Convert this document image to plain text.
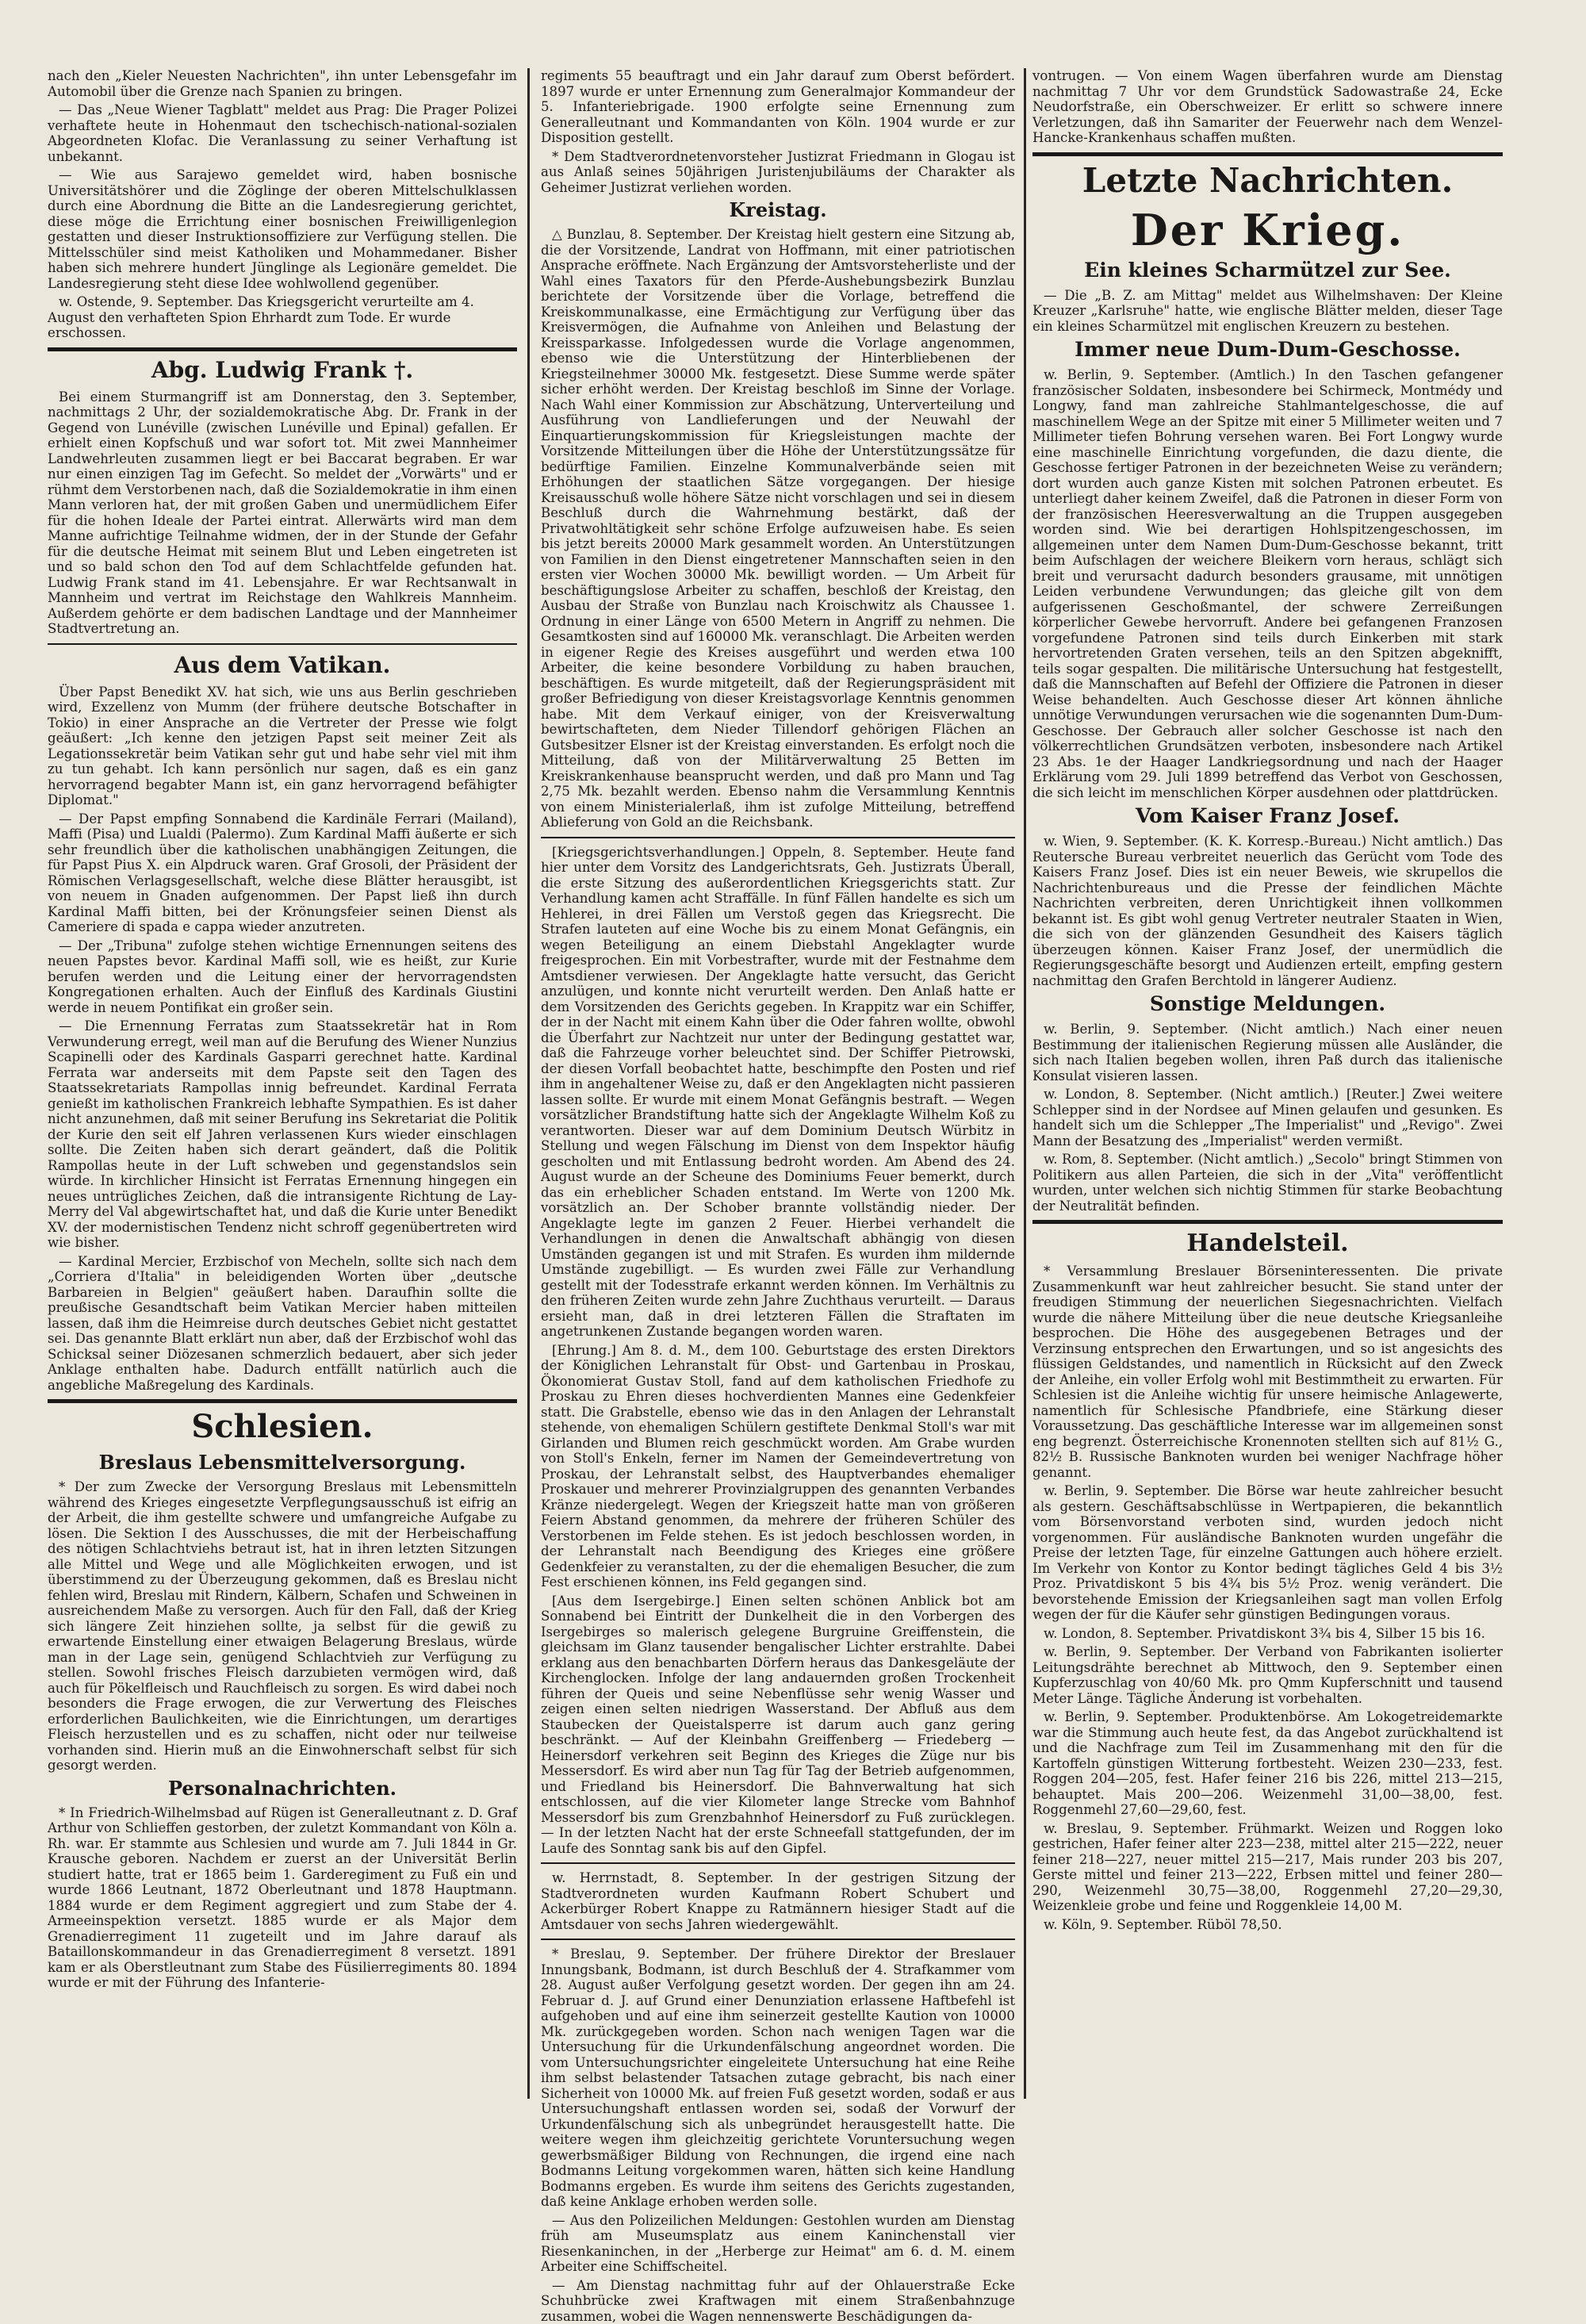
nach den „Kieler Neuesten Nachrichten", ihn unter Lebensgefahr im Automobil über die Grenze nach Spanien zu bringen.

— Das „Neue Wiener Tagblatt" meldet aus Prag: Die Prager Polizei verhaftete heute in Hohenmaut den tschechisch-national-sozialen Abgeordneten Klofac. Die Veranlassung zu seiner Verhaftung ist unbekannt.

— Wie aus Sarajewo gemeldet wird, haben bosnische Universitätshörer und die Zöglinge der oberen Mittelschulklassen durch eine Abordnung die Bitte an die Landesregierung gerichtet, diese möge die Errichtung einer bosnischen Freiwilligenlegion gestatten und dieser Instruktionsoffiziere zur Verfügung stellen. Die Mittelsschüler sind meist Katholiken und Mohammedaner. Bisher haben sich mehrere hundert Jünglinge als Legionäre gemeldet. Die Landesregierung steht diese Idee wohlwollend gegenüber.

w. Ostende, 9. September. Das Kriegsgericht verurteilte am 4. August den verhafteten Spion Ehrhardt zum Tode. Er wurde erschossen.

Abg. Ludwig Frank †.

Bei einem Sturmangriff ist am Donnerstag, den 3. September, nachmittags 2 Uhr, der sozialdemokratische Abg. Dr. Frank in der Gegend von Lunéville (zwischen Lunéville und Epinal) gefallen. Er erhielt einen Kopfschuß und war sofort tot. Mit zwei Mannheimer Landwehrleuten zusammen liegt er bei Baccarat begraben. Er war nur einen einzigen Tag im Gefecht. So meldet der „Vorwärts" und er rühmt dem Verstorbenen nach, daß die Sozialdemokratie in ihm einen Mann verloren hat, der mit großen Gaben und unermüdlichem Eifer für die hohen Ideale der Partei eintrat. Allerwärts wird man dem Manne aufrichtige Teilnahme widmen, der in der Stunde der Gefahr für die deutsche Heimat mit seinem Blut und Leben eingetreten ist und so bald schon den Tod auf dem Schlachtfelde gefunden hat. Ludwig Frank stand im 41. Lebensjahre. Er war Rechtsanwalt in Mannheim und vertrat im Reichstage den Wahlkreis Mannheim. Außerdem gehörte er dem badischen Landtage und der Mannheimer Stadtvertretung an.

Aus dem Vatikan.

Über Papst Benedikt XV. hat sich, wie uns aus Berlin geschrieben wird, Exzellenz von Mumm (der frühere deutsche Botschafter in Tokio) in einer Ansprache an die Vertreter der Presse wie folgt geäußert: „Ich kenne den jetzigen Papst seit meiner Zeit als Legationssekretär beim Vatikan sehr gut und habe sehr viel mit ihm zu tun gehabt. Ich kann persönlich nur sagen, daß es ein ganz hervorragend begabter Mann ist, ein ganz hervorragend befähigter Diplomat."

— Der Papst empfing Sonnabend die Kardinäle Ferrari (Mailand), Maffi (Pisa) und Lualdi (Palermo). Zum Kardinal Maffi äußerte er sich sehr freundlich über die katholischen unabhängigen Zeitungen, die für Papst Pius X. ein Alpdruck waren. Graf Grosoli, der Präsident der Römischen Verlagsgesellschaft, welche diese Blätter herausgibt, ist von neuem in Gnaden aufgenommen. Der Papst ließ ihn durch Kardinal Maffi bitten, bei der Krönungsfeier seinen Dienst als Cameriere di spada e cappa wieder anzutreten.

— Der „Tribuna" zufolge stehen wichtige Ernennungen seitens des neuen Papstes bevor. Kardinal Maffi soll, wie es heißt, zur Kurie berufen werden und die Leitung einer der hervorragendsten Kongregationen erhalten. Auch der Einfluß des Kardinals Giustini werde in neuem Pontifikat ein großer sein.

— Die Ernennung Ferratas zum Staatssekretär hat in Rom Verwunderung erregt, weil man auf die Berufung des Wiener Nunzius Scapinelli oder des Kardinals Gasparri gerechnet hatte. Kardinal Ferrata war anderseits mit dem Papste seit den Tagen des Staatssekretariats Rampollas innig befreundet. Kardinal Ferrata genießt im katholischen Frankreich lebhafte Sympathien. Es ist daher nicht anzunehmen, daß mit seiner Berufung ins Sekretariat die Politik der Kurie den seit elf Jahren verlassenen Kurs wieder einschlagen sollte. Die Zeiten haben sich derart geändert, daß die Politik Rampollas heute in der Luft schweben und gegenstandslos sein würde. In kirchlicher Hinsicht ist Ferratas Ernennung hingegen ein neues untrügliches Zeichen, daß die intransigente Richtung de Lay-Merry del Val abgewirtschaftet hat, und daß die Kurie unter Benedikt XV. der modernistischen Tendenz nicht schroff gegenübertreten wird wie bisher.

— Kardinal Mercier, Erzbischof von Mecheln, sollte sich nach dem „Corriera d'Italia" in beleidigenden Worten über „deutsche Barbareien in Belgien" geäußert haben. Daraufhin sollte die preußische Gesandtschaft beim Vatikan Mercier haben mitteilen lassen, daß ihm die Heimreise durch deutsches Gebiet nicht gestattet sei. Das genannte Blatt erklärt nun aber, daß der Erzbischof wohl das Schicksal seiner Diözesanen schmerzlich bedauert, aber sich jeder Anklage enthalten habe. Dadurch entfällt natürlich auch die angebliche Maßregelung des Kardinals.

Schlesien.
Breslaus Lebensmittelversorgung.

* Der zum Zwecke der Versorgung Breslaus mit Lebensmitteln während des Krieges eingesetzte Verpflegungsausschuß ist eifrig an der Arbeit, die ihm gestellte schwere und umfangreiche Aufgabe zu lösen. Die Sektion I des Ausschusses, die mit der Herbeischaffung des nötigen Schlachtviehs betraut ist, hat in ihren letzten Sitzungen alle Mittel und Wege und alle Möglichkeiten erwogen, und ist überstimmend zu der Überzeugung gekommen, daß es Breslau nicht fehlen wird, Breslau mit Rindern, Kälbern, Schafen und Schweinen in ausreichendem Maße zu versorgen. Auch für den Fall, daß der Krieg sich längere Zeit hinziehen sollte, ja selbst für die gewiß zu erwartende Einstellung einer etwaigen Belagerung Breslaus, würde man in der Lage sein, genügend Schlachtvieh zur Verfügung zu stellen. Sowohl frisches Fleisch darzubieten vermögen wird, daß auch für Pökelfleisch und Rauchfleisch zu sorgen. Es wird dabei noch besonders die Frage erwogen, die zur Verwertung des Fleisches erforderlichen Baulichkeiten, wie die Einrichtungen, um derartiges Fleisch herzustellen und es zu schaffen, nicht oder nur teilweise vorhanden sind. Hierin muß an die Einwohnerschaft selbst für sich gesorgt werden.

Personalnachrichten.

* In Friedrich-Wilhelmsbad auf Rügen ist Generalleutnant z. D. Graf Arthur von Schlieffen gestorben, der zuletzt Kommandant von Köln a. Rh. war. Er stammte aus Schlesien und wurde am 7. Juli 1844 in Gr. Krausche geboren. Nachdem er zuerst an der Universität Berlin studiert hatte, trat er 1865 beim 1. Garderegiment zu Fuß ein und wurde 1866 Leutnant, 1872 Oberleutnant und 1878 Hauptmann. 1884 wurde er dem Regiment aggregiert und zum Stabe der 4. Armeeinspektion versetzt. 1885 wurde er als Major dem Grenadierregiment 11 zugeteilt und im Jahre darauf als Bataillonskommandeur in das Grenadierregiment 8 versetzt. 1891 kam er als Oberstleutnant zum Stabe des Füsilierregiments 80. 1894 wurde er mit der Führung des Infanterie-

regiments 55 beauftragt und ein Jahr darauf zum Oberst befördert. 1897 wurde er unter Ernennung zum Generalmajor Kommandeur der 5. Infanteriebrigade. 1900 erfolgte seine Ernennung zum Generalleutnant und Kommandanten von Köln. 1904 wurde er zur Disposition gestellt.

* Dem Stadtverordnetenvorsteher Justizrat Friedmann in Glogau ist aus Anlaß seines 50jährigen Juristenjubiläums der Charakter als Geheimer Justizrat verliehen worden.

Kreistag.

△ Bunzlau, 8. September. Der Kreistag hielt gestern eine Sitzung ab, die der Vorsitzende, Landrat von Hoffmann, mit einer patriotischen Ansprache eröffnete. Nach Ergänzung der Amtsvorsteherliste und der Wahl eines Taxators für den Pferde-Aushebungsbezirk Bunzlau berichtete der Vorsitzende über die Vorlage, betreffend die Kreiskommunalkasse, eine Ermächtigung zur Verfügung über das Kreisvermögen, die Aufnahme von Anleihen und Belastung der Kreissparkasse. Infolgedessen wurde die Vorlage angenommen, ebenso wie die Unterstützung der Hinterbliebenen der Kriegsteilnehmer 30000 Mk. festgesetzt. Diese Summe werde später sicher erhöht werden. Der Kreistag beschloß im Sinne der Vorlage. Nach Wahl einer Kommission zur Abschätzung, Unterverteilung und Ausführung von Landlieferungen und der Neuwahl der Einquartierungskommission für Kriegsleistungen machte der Vorsitzende Mitteilungen über die Höhe der Unterstützungssätze für bedürftige Familien. Einzelne Kommunalverbände seien mit Erhöhungen der staatlichen Sätze vorgegangen. Der hiesige Kreisausschuß wolle höhere Sätze nicht vorschlagen und sei in diesem Beschluß durch die Wahrnehmung bestärkt, daß der Privatwohltätigkeit sehr schöne Erfolge aufzuweisen habe. Es seien bis jetzt bereits 20000 Mark gesammelt worden. An Unterstützungen von Familien in den Dienst eingetretener Mannschaften seien in den ersten vier Wochen 30000 Mk. bewilligt worden. — Um Arbeit für beschäftigungslose Arbeiter zu schaffen, beschloß der Kreistag, den Ausbau der Straße von Bunzlau nach Kroischwitz als Chaussee 1. Ordnung in einer Länge von 6500 Metern in Angriff zu nehmen. Die Gesamtkosten sind auf 160000 Mk. veranschlagt. Die Arbeiten werden in eigener Regie des Kreises ausgeführt und werden etwa 100 Arbeiter, die keine besondere Vorbildung zu haben brauchen, beschäftigen. Es wurde mitgeteilt, daß der Regierungspräsident mit großer Befriedigung von dieser Kreistagsvorlage Kenntnis genommen habe. Mit dem Verkauf einiger, von der Kreisverwaltung bewirtschafteten, dem Nieder Tillendorf gehörigen Flächen an Gutsbesitzer Elsner ist der Kreistag einverstanden. Es erfolgt noch die Mitteilung, daß von der Militärverwaltung 25 Betten im Kreiskrankenhause beansprucht werden, und daß pro Mann und Tag 2,75 Mk. bezahlt werden. Ebenso nahm die Versammlung Kenntnis von einem Ministerialerlaß, ihm ist zufolge Mitteilung, betreffend Ablieferung von Gold an die Reichsbank.

[Kriegsgerichtsverhandlungen.] Oppeln, 8. September. Heute fand hier unter dem Vorsitz des Landgerichtsrats, Geh. Justizrats Überall, die erste Sitzung des außerordentlichen Kriegsgerichts statt. Zur Verhandlung kamen acht Straffälle. In fünf Fällen handelte es sich um Hehlerei, in drei Fällen um Verstoß gegen das Kriegsrecht. Die Strafen lauteten auf eine Woche bis zu einem Monat Gefängnis, ein wegen Beteiligung an einem Diebstahl Angeklagter wurde freigesprochen. Ein mit Vorbestrafter, wurde mit der Festnahme dem Amtsdiener verwiesen. Der Angeklagte hatte versucht, das Gericht anzulügen, und konnte nicht verurteilt werden. Den Anlaß hatte er dem Vorsitzenden des Gerichts gegeben. In Krappitz war ein Schiffer, der in der Nacht mit einem Kahn über die Oder fahren wollte, obwohl die Überfahrt zur Nachtzeit nur unter der Bedingung gestattet war, daß die Fahrzeuge vorher beleuchtet sind. Der Schiffer Pietrowski, der diesen Vorfall beobachtet hatte, beschimpfte den Posten und rief ihm in angehaltener Weise zu, daß er den Angeklagten nicht passieren lassen sollte. Er wurde mit einem Monat Gefängnis bestraft. — Wegen vorsätzlicher Brandstiftung hatte sich der Angeklagte Wilhelm Koß zu verantworten. Dieser war auf dem Dominium Deutsch Würbitz in Stellung und wegen Fälschung im Dienst von dem Inspektor häufig gescholten und mit Entlassung bedroht worden. Am Abend des 24. August wurde an der Scheune des Dominiums Feuer bemerkt, durch das ein erheblicher Schaden entstand. Im Werte von 1200 Mk. vorsätzlich an. Der Schober brannte vollständig nieder. Der Angeklagte legte im ganzen 2 Feuer. Hierbei verhandelt die Verhandlungen in denen die Anwaltschaft abhängig von diesen Umständen gegangen ist und mit Strafen. Es wurden ihm mildernde Umstände zugebilligt. — Es wurden zwei Fälle zur Verhandlung gestellt mit der Todesstrafe erkannt werden können. Im Verhältnis zu den früheren Zeiten wurde zehn Jahre Zuchthaus verurteilt. — Daraus ersieht man, daß in drei letzteren Fällen die Straftaten im angetrunkenen Zustande begangen worden waren.

[Ehrung.] Am 8. d. M., dem 100. Geburtstage des ersten Direktors der Königlichen Lehranstalt für Obst- und Gartenbau in Proskau, Ökonomierat Gustav Stoll, fand auf dem katholischen Friedhofe zu Proskau zu Ehren dieses hochverdienten Mannes eine Gedenkfeier statt. Die Grabstelle, ebenso wie das in den Anlagen der Lehranstalt stehende, von ehemaligen Schülern gestiftete Denkmal Stoll's war mit Girlanden und Blumen reich geschmückt worden. Am Grabe wurden von Stoll's Enkeln, ferner im Namen der Gemeindevertretung von Proskau, der Lehranstalt selbst, des Hauptverbandes ehemaliger Proskauer und mehrerer Provinzialgruppen des genannten Verbandes Kränze niedergelegt. Wegen der Kriegszeit hatte man von größeren Feiern Abstand genommen, da mehrere der früheren Schüler des Verstorbenen im Felde stehen. Es ist jedoch beschlossen worden, in der Lehranstalt nach Beendigung des Krieges eine größere Gedenkfeier zu veranstalten, zu der die ehemaligen Besucher, die zum Fest erschienen können, ins Feld gegangen sind.

[Aus dem Isergebirge.] Einen selten schönen Anblick bot am Sonnabend bei Eintritt der Dunkelheit die in den Vorbergen des Isergebirges so malerisch gelegene Burgruine Greiffenstein, die gleichsam im Glanz tausender bengalischer Lichter erstrahlte. Dabei erklang aus den benachbarten Dörfern heraus das Dankesgeläute der Kirchenglocken. Infolge der lang andauernden großen Trockenheit führen der Queis und seine Nebenflüsse sehr wenig Wasser und zeigen einen selten niedrigen Wasserstand. Der Abfluß aus dem Staubecken der Queistalsperre ist darum auch ganz gering beschränkt. — Auf der Kleinbahn Greiffenberg — Friedeberg — Heinersdorf verkehren seit Beginn des Krieges die Züge nur bis Messersdorf. Es wird aber nun Tag für Tag der Betrieb aufgenommen, und Friedland bis Heinersdorf. Die Bahnverwaltung hat sich entschlossen, auf die vier Kilometer lange Strecke vom Bahnhof Messersdorf bis zum Grenzbahnhof Heinersdorf zu Fuß zurücklegen. — In der letzten Nacht hat der erste Schneefall stattgefunden, der im Laufe des Sonntag sank bis auf den Gipfel.

w. Herrnstadt, 8. September. In der gestrigen Sitzung der Stadtverordneten wurden Kaufmann Robert Schubert und Ackerbürger Robert Knappe zu Ratmännern hiesiger Stadt auf die Amtsdauer von sechs Jahren wiedergewählt.

* Breslau, 9. September. Der frühere Direktor der Breslauer Innungsbank, Bodmann, ist durch Beschluß der 4. Strafkammer vom 28. August außer Verfolgung gesetzt worden. Der gegen ihn am 24. Februar d. J. auf Grund einer Denunziation erlassene Haftbefehl ist aufgehoben und auf eine ihm seinerzeit gestellte Kaution von 10000 Mk. zurückgegeben worden. Schon nach wenigen Tagen war die Untersuchung für die Urkundenfälschung angeordnet worden. Die vom Untersuchungsrichter eingeleitete Untersuchung hat eine Reihe ihm selbst belastender Tatsachen zutage gebracht, bis nach einer Sicherheit von 10000 Mk. auf freien Fuß gesetzt worden, sodaß er aus Untersuchungshaft entlassen worden sei, sodaß der Vorwurf der Urkundenfälschung sich als unbegründet herausgestellt hatte. Die weitere wegen ihm gleichzeitig gerichtete Voruntersuchung wegen gewerbsmäßiger Bildung von Rechnungen, die irgend eine nach Bodmanns Leitung vorgekommen waren, hätten sich keine Handlung Bodmanns ergeben. Es wurde ihm seitens des Gerichts zugestanden, daß keine Anklage erhoben werden solle.

— Aus den Polizeilichen Meldungen: Gestohlen wurden am Dienstag früh am Museumsplatz aus einem Kaninchenstall vier Riesenkaninchen, in der „Herberge zur Heimat" am 6. d. M. einem Arbeiter eine Schiffscheitel.

— Am Dienstag nachmittag fuhr auf der Ohlauerstraße Ecke Schuhbrücke zwei Kraftwagen mit einem Straßenbahnzuge zusammen, wobei die Wagen nennenswerte Beschädigungen da-

vontrugen. — Von einem Wagen überfahren wurde am Dienstag nachmittag 7 Uhr vor dem Grundstück Sadowastraße 24, Ecke Neudorfstraße, ein Oberschweizer. Er erlitt so schwere innere Verletzungen, daß ihn Samariter der Feuerwehr nach dem Wenzel-Hancke-Krankenhaus schaffen mußten.

Letzte Nachrichten.
Der Krieg.
Ein kleines Scharmützel zur See.

— Die „B. Z. am Mittag" meldet aus Wilhelmshaven: Der Kleine Kreuzer „Karlsruhe" hatte, wie englische Blätter melden, dieser Tage ein kleines Scharmützel mit englischen Kreuzern zu bestehen.

Immer neue Dum-Dum-Geschosse.

w. Berlin, 9. September. (Amtlich.) In den Taschen gefangener französischer Soldaten, insbesondere bei Schirmeck, Montmédy und Longwy, fand man zahlreiche Stahlmantelgeschosse, die auf maschinellem Wege an der Spitze mit einer 5 Millimeter weiten und 7 Millimeter tiefen Bohrung versehen waren. Bei Fort Longwy wurde eine maschinelle Einrichtung vorgefunden, die dazu diente, die Geschosse fertiger Patronen in der bezeichneten Weise zu verändern; dort wurden auch ganze Kisten mit solchen Patronen erbeutet. Es unterliegt daher keinem Zweifel, daß die Patronen in dieser Form von der französischen Heeresverwaltung an die Truppen ausgegeben worden sind. Wie bei derartigen Hohlspitzengeschossen, im allgemeinen unter dem Namen Dum-Dum-Geschosse bekannt, tritt beim Aufschlagen der weichere Bleikern vorn heraus, schlägt sich breit und verursacht dadurch besonders grausame, mit unnötigen Leiden verbundene Verwundungen; das gleiche gilt von dem aufgerissenen Geschoßmantel, der schwere Zerreißungen körperlicher Gewebe hervorruft. Andere bei gefangenen Franzosen vorgefundene Patronen sind teils durch Einkerben mit stark hervortretenden Graten versehen, teils an den Spitzen abgeknifft, teils sogar gespalten. Die militärische Untersuchung hat festgestellt, daß die Mannschaften auf Befehl der Offiziere die Patronen in dieser Weise behandelten. Auch Geschosse dieser Art können ähnliche unnötige Verwundungen verursachen wie die sogenannten Dum-Dum-Geschosse. Der Gebrauch aller solcher Geschosse ist nach den völkerrechtlichen Grundsätzen verboten, insbesondere nach Artikel 23 Abs. 1e der Haager Landkriegsordnung und nach der Haager Erklärung vom 29. Juli 1899 betreffend das Verbot von Geschossen, die sich leicht im menschlichen Körper ausdehnen oder plattdrücken.

Vom Kaiser Franz Josef.

w. Wien, 9. September. (K. K. Korresp.-Bureau.) Nicht amtlich.) Das Reutersche Bureau verbreitet neuerlich das Gerücht vom Tode des Kaisers Franz Josef. Dies ist ein neuer Beweis, wie skrupellos die Nachrichtenbureaus und die Presse der feindlichen Mächte Nachrichten verbreiten, deren Unrichtigkeit ihnen vollkommen bekannt ist. Es gibt wohl genug Vertreter neutraler Staaten in Wien, die sich von der glänzenden Gesundheit des Kaisers täglich überzeugen können. Kaiser Franz Josef, der unermüdlich die Regierungsgeschäfte besorgt und Audienzen erteilt, empfing gestern nachmittag den Grafen Berchtold in längerer Audienz.

Sonstige Meldungen.

w. Berlin, 9. September. (Nicht amtlich.) Nach einer neuen Bestimmung der italienischen Regierung müssen alle Ausländer, die sich nach Italien begeben wollen, ihren Paß durch das italienische Konsulat visieren lassen.

w. London, 8. September. (Nicht amtlich.) [Reuter.] Zwei weitere Schlepper sind in der Nordsee auf Minen gelaufen und gesunken. Es handelt sich um die Schlepper „The Imperialist" und „Revigo". Zwei Mann der Besatzung des „Imperialist" werden vermißt.

w. Rom, 8. September. (Nicht amtlich.) „Secolo" bringt Stimmen von Politikern aus allen Parteien, die sich in der „Vita" veröffentlicht wurden, unter welchen sich nichtig Stimmen für starke Beobachtung der Neutralität befinden.

Handelsteil.

* Versammlung Breslauer Börseninteressenten. Die private Zusammenkunft war heut zahlreicher besucht. Sie stand unter der freudigen Stimmung der neuerlichen Siegesnachrichten. Vielfach wurde die nähere Mitteilung über die neue deutsche Kriegsanleihe besprochen. Die Höhe des ausgegebenen Betrages und der Verzinsung entsprechen den Erwartungen, und so ist angesichts des flüssigen Geldstandes, und namentlich in Rücksicht auf den Zweck der Anleihe, ein voller Erfolg wohl mit Bestimmtheit zu erwarten. Für Schlesien ist die Anleihe wichtig für unsere heimische Anlagewerte, namentlich für Schlesische Pfandbriefe, eine Stärkung dieser Voraussetzung. Das geschäftliche Interesse war im allgemeinen sonst eng begrenzt. Österreichische Kronennoten stellten sich auf 81½ G., 82½ B. Russische Banknoten wurden bei weniger Nachfrage höher genannt.

w. Berlin, 9. September. Die Börse war heute zahlreicher besucht als gestern. Geschäftsabschlüsse in Wertpapieren, die bekanntlich vom Börsenvorstand verboten sind, wurden jedoch nicht vorgenommen. Für ausländische Banknoten wurden ungefähr die Preise der letzten Tage, für einzelne Gattungen auch höhere erzielt. Im Verkehr von Kontor zu Kontor bedingt tägliches Geld 4 bis 3½ Proz. Privatdiskont 5 bis 4¾ bis 5½ Proz. wenig verändert. Die bevorstehende Emission der Kriegsanleihen sagt man vollen Erfolg wegen der für die Käufer sehr günstigen Bedingungen voraus.

w. London, 8. September. Privatdiskont 3¾ bis 4, Silber 15 bis 16.

w. Berlin, 9. September. Der Verband von Fabrikanten isolierter Leitungsdrähte berechnet ab Mittwoch, den 9. September einen Kupferzuschlag von 40/60 Mk. pro Qmm Kupferschnitt und tausend Meter Länge. Tägliche Änderung ist vorbehalten.

w. Berlin, 9. September. Produktenbörse. Am Lokogetreidemarkte war die Stimmung auch heute fest, da das Angebot zurückhaltend ist und die Nachfrage zum Teil im Zusammenhang mit den für die Kartoffeln günstigen Witterung fortbesteht. Weizen 230—233, fest. Roggen 204—205, fest. Hafer feiner 216 bis 226, mittel 213—215, behauptet. Mais 200—206. Weizenmehl 31,00—38,00, fest. Roggenmehl 27,60—29,60, fest.

w. Breslau, 9. September. Frühmarkt. Weizen und Roggen loko gestrichen, Hafer feiner alter 223—238, mittel alter 215—222, neuer feiner 218—227, neuer mittel 215—217, Mais runder 203 bis 207, Gerste mittel und feiner 213—222, Erbsen mittel und feiner 280—290, Weizenmehl 30,75—38,00, Roggenmehl 27,20—29,30, Weizenkleie grobe und feine und Roggenkleie 14,00 M.

w. Köln, 9. September. Rüböl 78,50.
